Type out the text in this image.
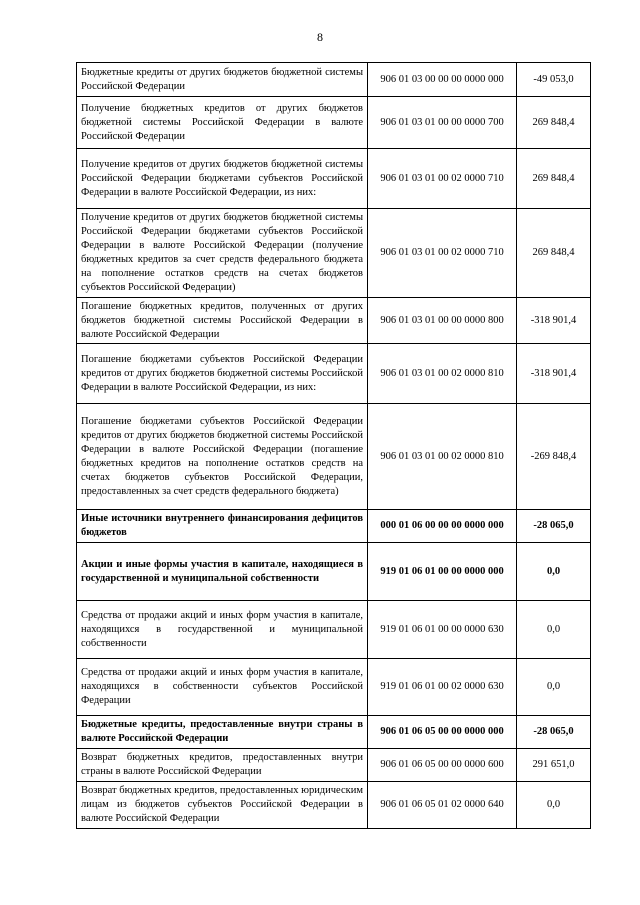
8
Бюджетные кредиты от других бюджетов бюджетной системы Российской Федерации	906 01 03 00 00 00 0000 000	-49 053,0
Получение бюджетных кредитов от других бюджетов бюджетной системы Российской Федерации в валюте Российской Федерации	906 01 03 01 00 00 0000 700	269 848,4
Получение кредитов от других бюджетов бюджетной системы Российской Федерации бюджетами субъектов Российской Федерации в валюте Российской Федерации, из них:	906 01 03 01 00 02 0000 710	269 848,4
Получение кредитов от других бюджетов бюджетной системы Российской Федерации бюджетами субъектов Российской Федерации в валюте Российской Федерации (получение бюджетных кредитов за счет средств федерального бюджета на пополнение остатков средств на счетах бюджетов субъектов Российской Федерации)	906 01 03 01 00 02 0000 710	269 848,4
Погашение бюджетных кредитов, полученных от других бюджетов бюджетной системы Российской Федерации в валюте Российской Федерации	906 01 03 01 00 00 0000 800	-318 901,4
Погашение бюджетами субъектов Российской Федерации кредитов от других бюджетов бюджетной системы Российской Федерации в валюте Российской Федерации, из них:	906 01 03 01 00 02 0000 810	-318 901,4
Погашение бюджетами субъектов Российской Федерации кредитов от других бюджетов бюджетной системы Российской Федерации в валюте Российской Федерации (погашение бюджетных кредитов на пополнение остатков средств на счетах бюджетов субъектов Российской Федерации, предоставленных за счет средств федерального бюджета)	906 01 03 01 00 02 0000 810	-269 848,4
Иные источники внутреннего финансирования дефицитов бюджетов	000 01 06 00 00 00 0000 000	-28 065,0
Акции и иные формы участия в капитале, находящиеся в государственной и муниципальной собственности	919 01 06 01 00 00 0000 000	0,0
Средства от продажи акций и иных форм участия в капитале, находящихся в государственной и муниципальной собственности	919 01 06 01 00 00 0000 630	0,0
Средства от продажи акций и иных форм участия в капитале, находящихся в собственности субъектов Российской Федерации	919 01 06 01 00 02 0000 630	0,0
Бюджетные кредиты, предоставленные внутри страны в валюте Российской Федерации	906 01 06 05 00 00 0000 000	-28 065,0
Возврат бюджетных кредитов, предоставленных внутри страны в валюте Российской Федерации	906 01 06 05 00 00 0000 600	291 651,0
Возврат бюджетных кредитов, предоставленных юридическим лицам из бюджетов субъектов Российской Федерации в валюте Российской Федерации	906 01 06 05 01 02 0000 640	0,0
